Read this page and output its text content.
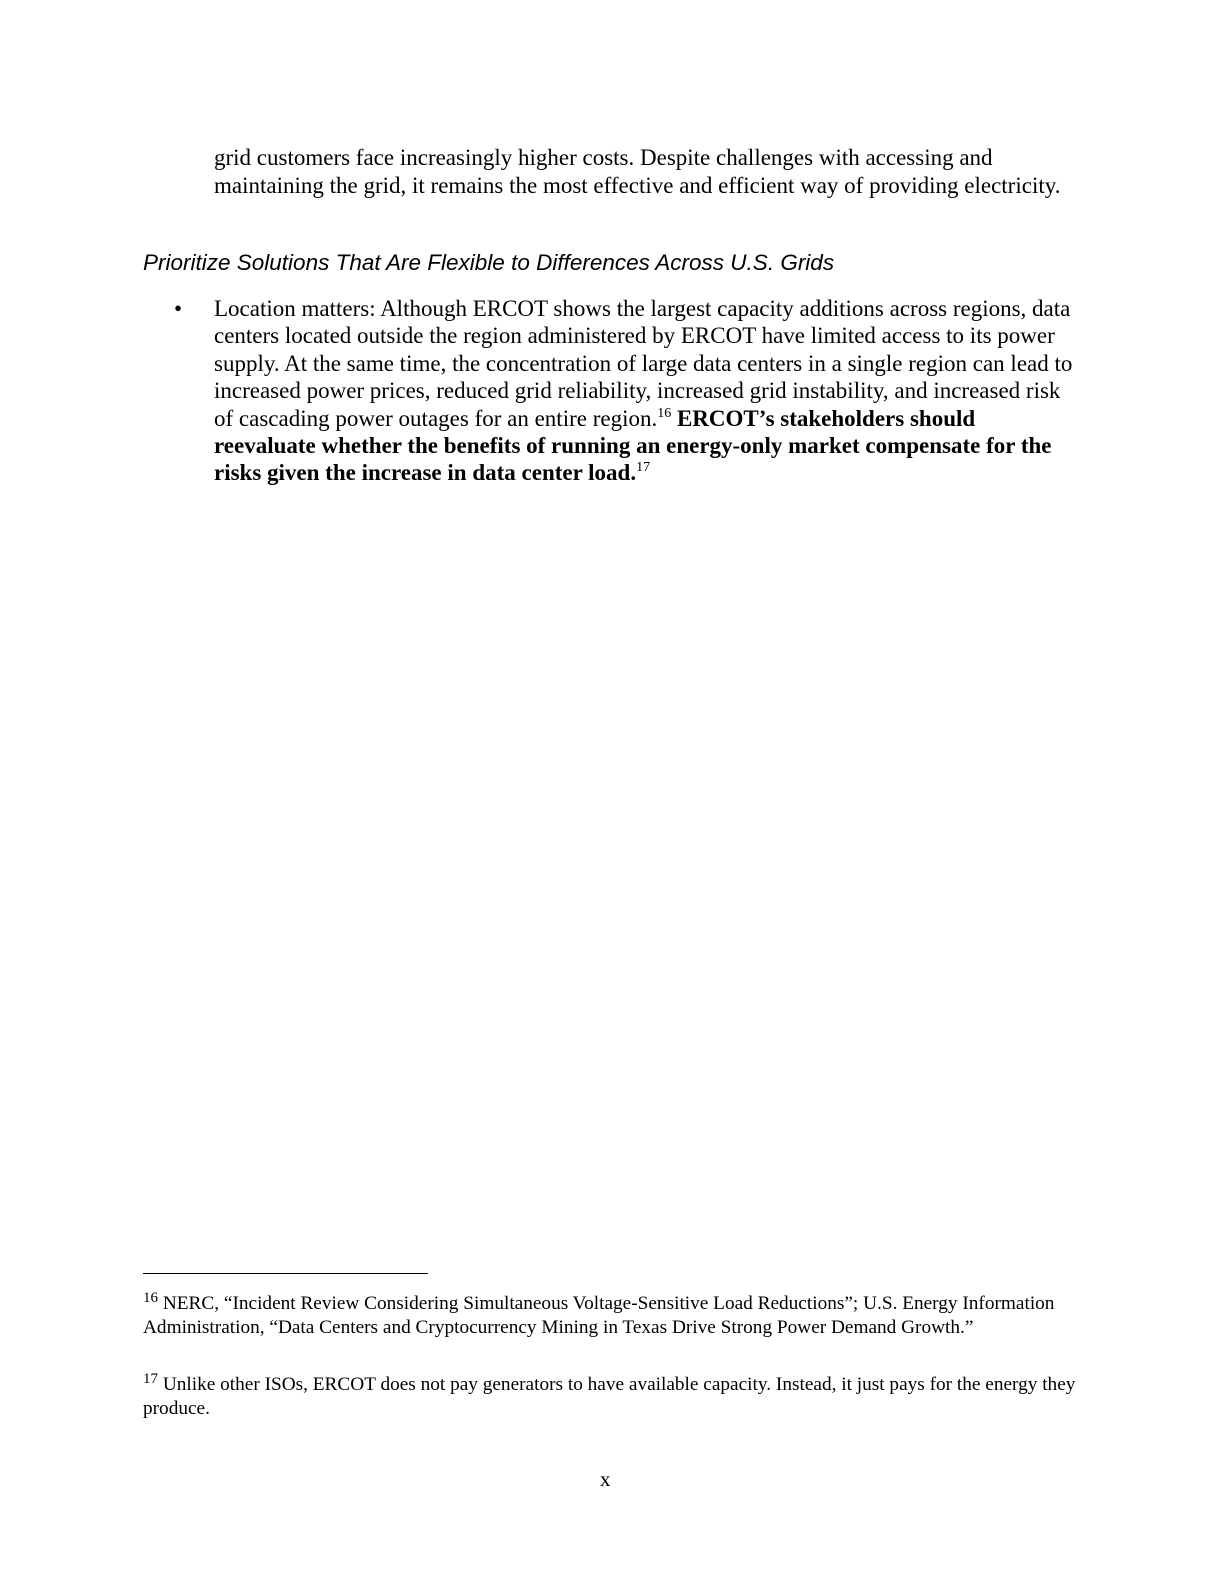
grid customers face increasingly higher costs. Despite challenges with accessing and maintaining the grid, it remains the most effective and efficient way of providing electricity.
Prioritize Solutions That Are Flexible to Differences Across U.S. Grids
• Location matters: Although ERCOT shows the largest capacity additions across regions, data centers located outside the region administered by ERCOT have limited access to its power supply. At the same time, the concentration of large data centers in a single region can lead to increased power prices, reduced grid reliability, increased grid instability, and increased risk of cascading power outages for an entire region.$^{16}$ ERCOT’s stakeholders should reevaluate whether the benefits of running an energy-only market compensate for the risks given the increase in data center load.$^{17}$
$^{16}$ NERC, “Incident Review Considering Simultaneous Voltage-Sensitive Load Reductions”; U.S. Energy Information Administration, “Data Centers and Cryptocurrency Mining in Texas Drive Strong Power Demand Growth.”
$^{17}$ Unlike other ISOs, ERCOT does not pay generators to have available capacity. Instead, it just pays for the energy they produce.
x
